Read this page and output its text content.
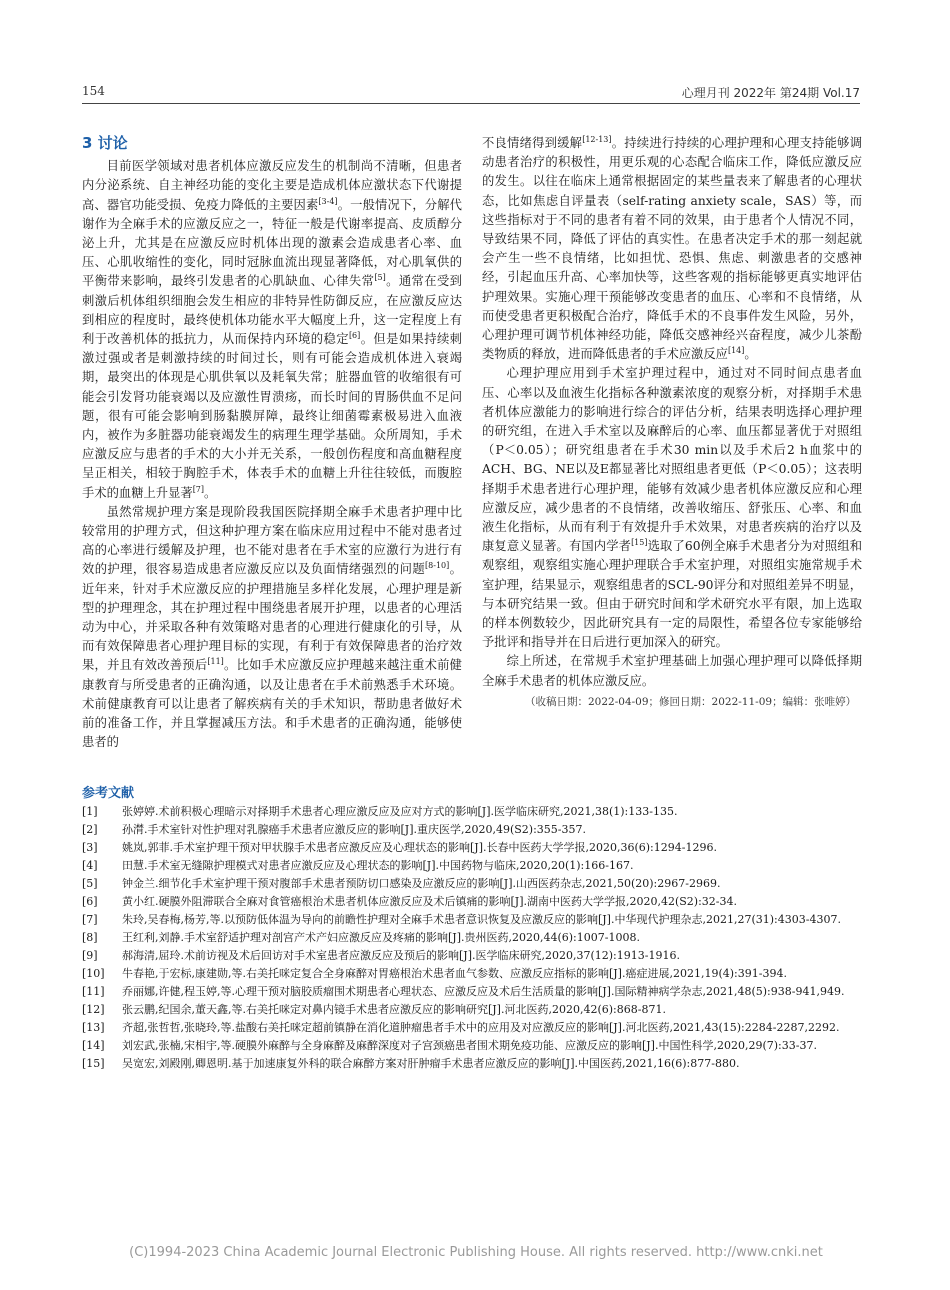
154	心理月刊 2022年 第24期 Vol.17
3 讨论

目前医学领域对患者机体应激反应发生的机制尚不清晰，但患者内分泌系统、自主神经功能的变化主要是造成机体应激状态下代谢提高、器官功能受损、免疫力降低的主要因素[3-4]。一般情况下，分解代谢作为全麻手术的应激反应之一，特征一般是代谢率提高、皮质醇分泌上升，尤其是在应激反应时机体出现的激素会造成患者心率、血压、心肌收缩性的变化，同时冠脉血流出现显著降低，对心肌氧供的平衡带来影响，最终引发患者的心肌缺血、心律失常[5]。通常在受到刺激后机体组织细胞会发生相应的非特异性防御反应，在应激反应达到相应的程度时，最终使机体功能水平大幅度上升，这一定程度上有利于改善机体的抵抗力，从而保持内环境的稳定[6]。但是如果持续刺激过强或者是刺激持续的时间过长，则有可能会造成机体进入衰竭期，最突出的体现是心肌供氧以及耗氧失常；脏器血管的收缩很有可能会引发肾功能衰竭以及应激性胃溃疡，而长时间的胃肠供血不足问题，很有可能会影响到肠黏膜屏障，最终让细菌霉素极易进入血液内，被作为多脏器功能衰竭发生的病理生理学基础。众所周知，手术应激反应与患者的手术的大小并无关系，一般创伤程度和高血糖程度呈正相关，相较于胸腔手术，体表手术的血糖上升往往较低，而腹腔手术的血糖上升显著[7]。

虽然常规护理方案是现阶段我国医院择期全麻手术患者护理中比较常用的护理方式，但这种护理方案在临床应用过程中不能对患者过高的心率进行缓解及护理，也不能对患者在手术室的应激行为进行有效的护理，很容易造成患者应激反应以及负面情绪强烈的问题[8-10]。近年来，针对手术应激反应的护理措施呈多样化发展，心理护理是新型的护理理念，其在护理过程中围绕患者展开护理，以患者的心理活动为中心，并采取各种有效策略对患者的心理进行健康化的引导，从而有效保障患者心理护理目标的实现，有利于有效保障患者的治疗效果，并且有效改善预后[11]。比如手术应激反应护理越来越注重术前健康教育与所受患者的正确沟通，以及让患者在手术前熟悉手术环境。术前健康教育可以让患者了解疾病有关的手术知识，帮助患者做好术前的准备工作，并且掌握减压方法。和手术患者的正确沟通，能够使患者的

不良情绪得到缓解[12-13]。持续进行持续的心理护理和心理支持能够调动患者治疗的积极性，用更乐观的心态配合临床工作，降低应激反应的发生。以往在临床上通常根据固定的某些量表来了解患者的心理状态，比如焦虑自评量表（self-rating anxiety scale，SAS）等，而这些指标对于不同的患者有着不同的效果，由于患者个人情况不同，导致结果不同，降低了评估的真实性。在患者决定手术的那一刻起就会产生一些不良情绪，比如担忧、恐惧、焦虑、刺激患者的交感神经，引起血压升高、心率加快等，这些客观的指标能够更真实地评估护理效果。实施心理干预能够改变患者的血压、心率和不良情绪，从而使受患者更积极配合治疗，降低手术的不良事件发生风险，另外，心理护理可调节机体神经功能，降低交感神经兴奋程度，减少儿茶酚类物质的释放，进而降低患者的手术应激反应[14]。

心理护理应用到手术室护理过程中，通过对不同时间点患者血压、心率以及血液生化指标各种激素浓度的观察分析，对择期手术患者机体应激能力的影响进行综合的评估分析，结果表明选择心理护理的研究组，在进入手术室以及麻醉后的心率、血压都显著优于对照组（P＜0.05）；研究组患者在手术30 min以及手术后2 h血浆中的ACH、BG、NE以及E都显著比对照组患者更低（P＜0.05）；这表明择期手术患者进行心理护理，能够有效减少患者机体应激反应和心理应激反应，减少患者的不良情绪，改善收缩压、舒张压、心率、和血液生化指标，从而有利于有效提升手术效果，对患者疾病的治疗以及康复意义显著。有国内学者[15]选取了60例全麻手术患者分为对照组和观察组，观察组实施心理护理联合手术室护理，对照组实施常规手术室护理，结果显示，观察组患者的SCL-90评分和对照组差异不明显，与本研究结果一致。但由于研究时间和学术研究水平有限，加上选取的样本例数较少，因此研究具有一定的局限性，希望各位专家能够给予批评和指导并在日后进行更加深入的研究。

综上所述，在常规手术室护理基础上加强心理护理可以降低择期全麻手术患者的机体应激反应。

（收稿日期：2022-04-09；修回日期：2022-11-09；编辑：张唯婷）

参考文献
[1]	张婷婷.术前积极心理暗示对择期手术患者心理应激反应及应对方式的影响[J].医学临床研究,2021,38(1):133-135.
[2]	孙潸.手术室针对性护理对乳腺癌手术患者应激反应的影响[J].重庆医学,2020,49(S2):355-357.
[3]	姚岚,郭菲.手术室护理干预对甲状腺手术患者应激反应及心理状态的影响[J].长春中医药大学学报,2020,36(6):1294-1296.
[4]	田慧.手术室无缝隙护理模式对患者应激反应及心理状态的影响[J].中国药物与临床,2020,20(1):166-167.
[5]	钟金兰.细节化手术室护理干预对腹部手术患者预防切口感染及应激反应的影响[J].山西医药杂志,2021,50(20):2967-2969.
[6]	黄小红.硬膜外阻滞联合全麻对食管癌根治术患者机体应激反应及术后镇痛的影响[J].湖南中医药大学学报,2020,42(S2):32-34.
[7]	朱玲,吴春梅,杨芳,等.以预防低体温为导向的前瞻性护理对全麻手术患者意识恢复及应激反应的影响[J].中华现代护理杂志,2021,27(31):4303-4307.
[8]	王红利,刘静.手术室舒适护理对剖宫产术产妇应激反应及疼痛的影响[J].贵州医药,2020,44(6):1007-1008.
[9]	郝海清,屈玲.术前访视及术后回访对手术室患者应激反应及预后的影响[J].医学临床研究,2020,37(12):1913-1916.
[10]	牛春艳,于宏标,康建勋,等.右美托咪定复合全身麻醉对胃癌根治术患者血气参数、应激反应指标的影响[J].癌症进展,2021,19(4):391-394.
[11]	乔丽娜,许健,程玉婷,等.心理干预对脑胶质瘤围术期患者心理状态、应激反应及术后生活质量的影响[J].国际精神病学杂志,2021,48(5):938-941,949.
[12]	张云鹏,纪国余,董天鑫,等.右美托咪定对鼻内镜手术患者应激反应的影响研究[J].河北医药,2020,42(6):868-871.
[13]	齐超,张哲哲,张晓玲,等.盐酸右美托咪定超前镇静在消化道肿瘤患者手术中的应用及对应激反应的影响[J].河北医药,2021,43(15):2284-2287,2292.
[14]	刘宏武,张楠,宋相宇,等.硬膜外麻醉与全身麻醉及麻醉深度对子宫颈癌患者围术期免疫功能、应激反应的影响[J].中国性科学,2020,29(7):33-37.
[15]	吴宽宏,刘殿刚,卿恩明.基于加速康复外科的联合麻醉方案对肝肿瘤手术患者应激反应的影响[J].中国医药,2021,16(6):877-880.
(C)1994-2023 China Academic Journal Electronic Publishing House. All rights reserved. http://www.cnki.net
